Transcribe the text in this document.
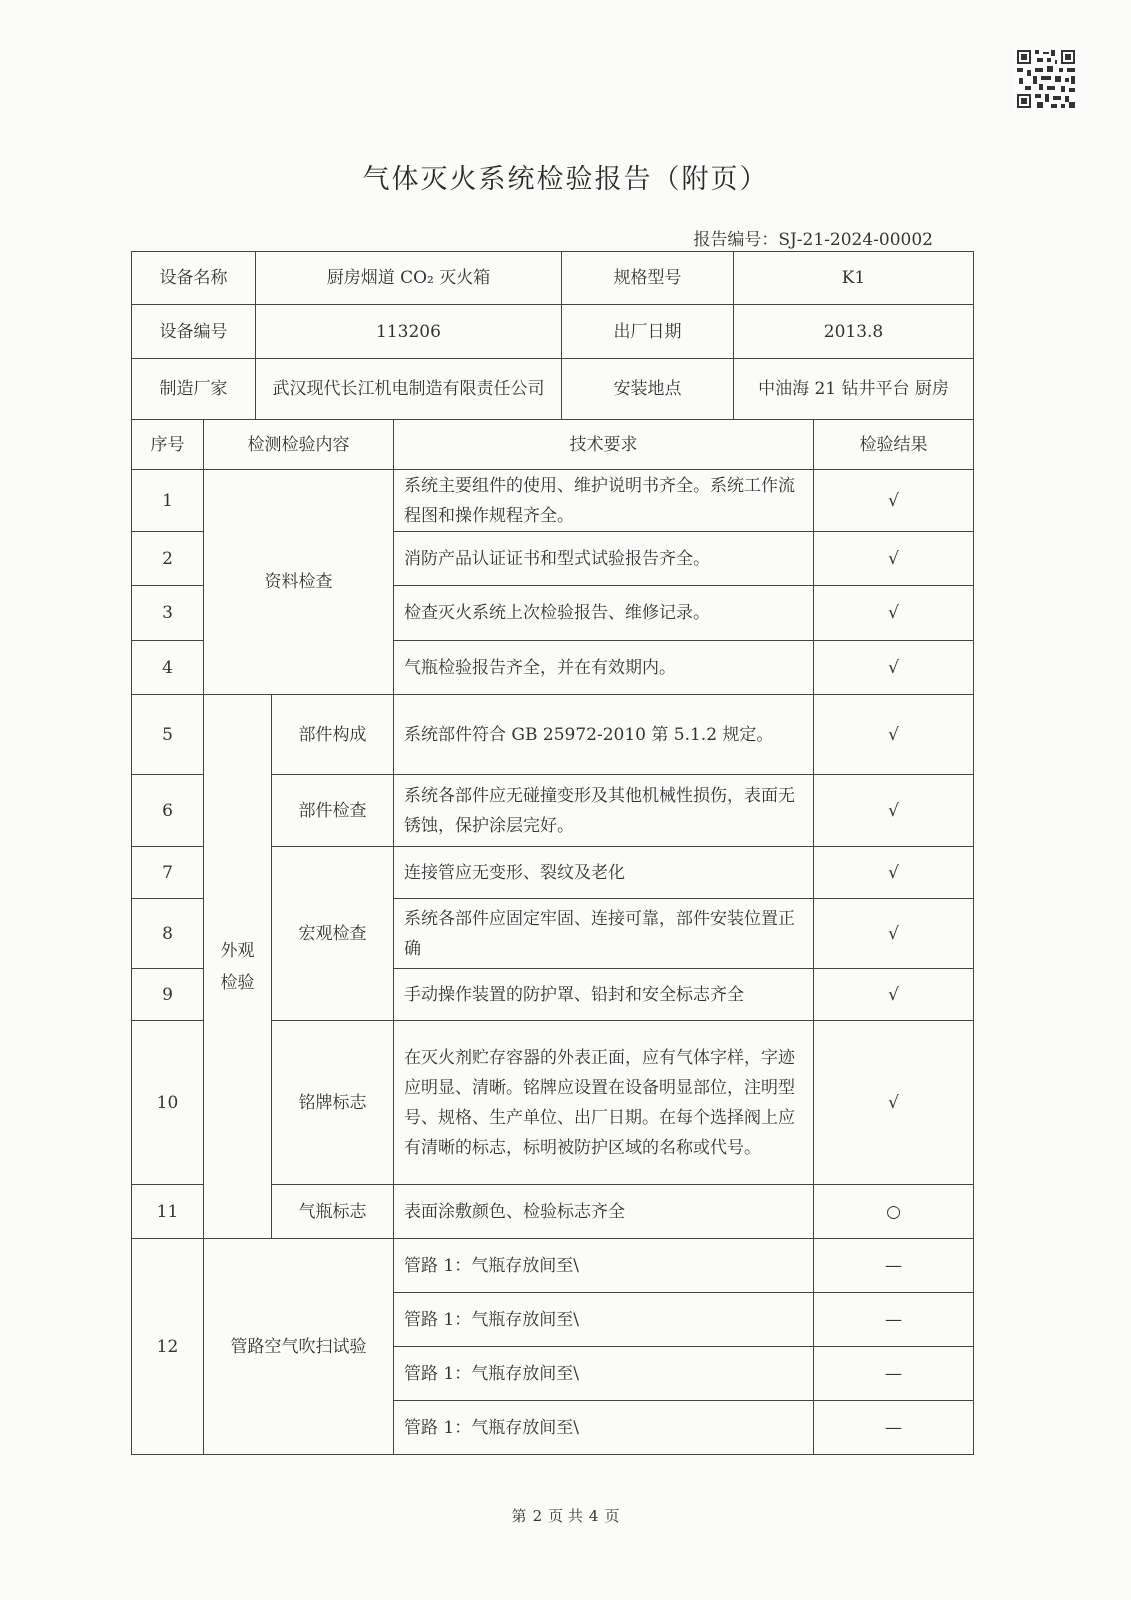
气体灭火系统检验报告（附页）
报告编号：SJ-21-2024-00002
设备名称	厨房烟道 CO₂ 灭火箱	规格型号	K1
设备编号	113206	出厂日期	2013.8
制造厂家	武汉现代长江机电制造有限责任公司	安装地点	中油海 21 钻井平台 厨房
序号	检测检验内容		技术要求	检验结果
1	资料检查		系统主要组件的使用、维护说明书齐全。系统工作流程图和操作规程齐全。	√
2			消防产品认证证书和型式试验报告齐全。	√
3			检查灭火系统上次检验报告、维修记录。	√
4			气瓶检验报告齐全，并在有效期内。	√
5	外观检验	部件构成	系统部件符合 GB 25972-2010 第 5.1.2 规定。	√
6		部件检查	系统各部件应无碰撞变形及其他机械性损伤，表面无锈蚀，保护涂层完好。	√
7		宏观检查	连接管应无变形、裂纹及老化	√
8			系统各部件应固定牢固、连接可靠，部件安装位置正确	√
9			手动操作装置的防护罩、铅封和安全标志齐全	√
10		铭牌标志	在灭火剂贮存容器的外表正面，应有气体字样，字迹应明显、清晰。铭牌应设置在设备明显部位，注明型号、规格、生产单位、出厂日期。在每个选择阀上应有清晰的标志，标明被防护区域的名称或代号。	√
11		气瓶标志	表面涂敷颜色、检验标志齐全	○
12	管路空气吹扫试验		管路 1：气瓶存放间至\	—
			管路 1：气瓶存放间至\	—
			管路 1：气瓶存放间至\	—
			管路 1：气瓶存放间至\	—
第 2 页 共 4 页
